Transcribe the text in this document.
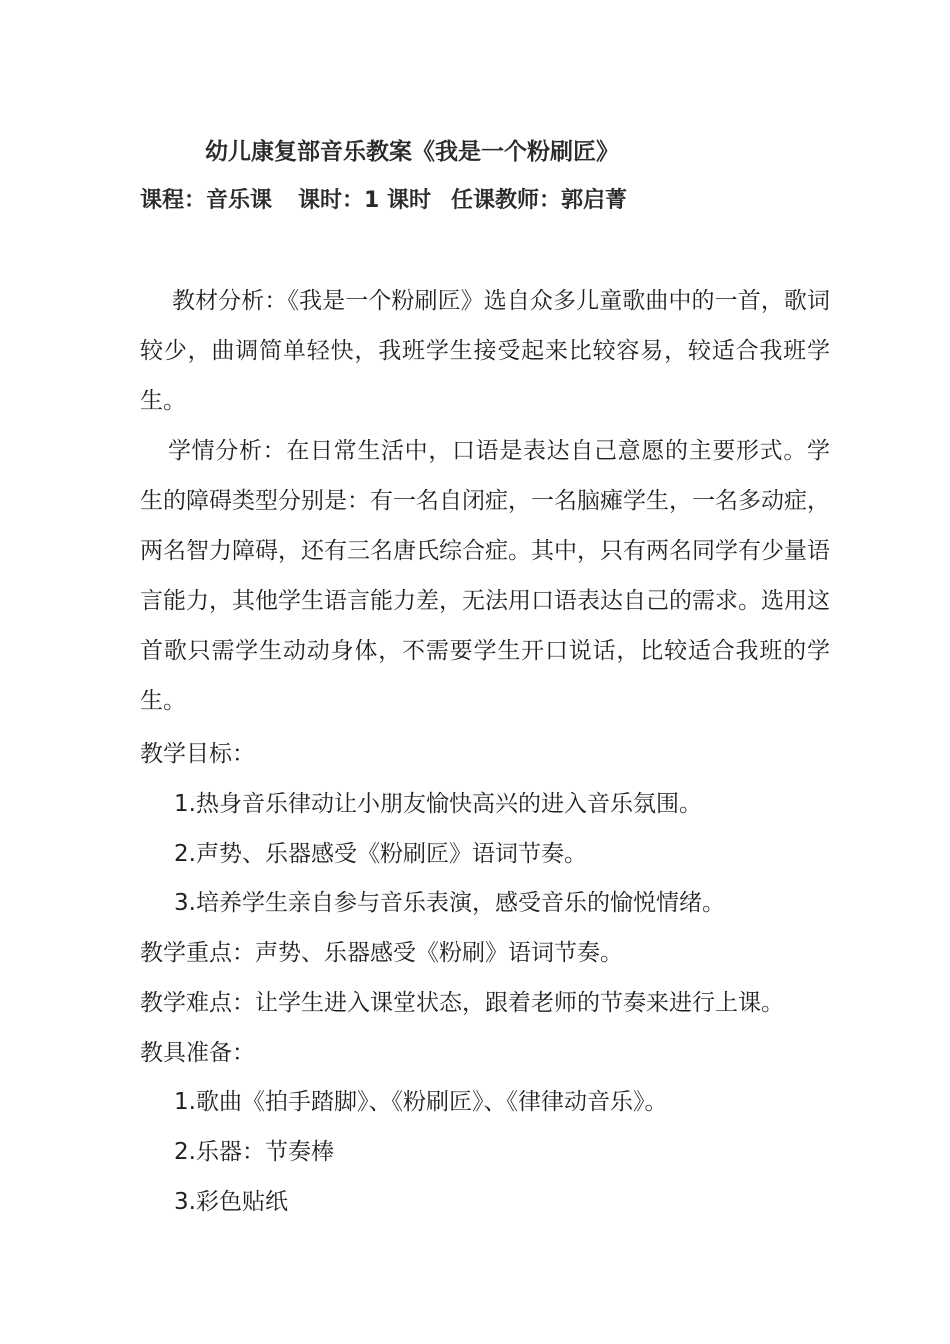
幼儿康复部音乐教案《我是一个粉刷匠》
课程：音乐课 课时：1 课时 任课教师：郭启菁

教材分析：《我是一个粉刷匠》选自众多儿童歌曲中的一首，歌词较少，曲调简单轻快，我班学生接受起来比较容易，较适合我班学生。

学情分析：在日常生活中，口语是表达自己意愿的主要形式。学生的障碍类型分别是：有一名自闭症，一名脑瘫学生，一名多动症，两名智力障碍，还有三名唐氏综合症。其中，只有两名同学有少量语言能力，其他学生语言能力差，无法用口语表达自己的需求。选用这首歌只需学生动动身体，不需要学生开口说话，比较适合我班的学生。

教学目标：
1.热身音乐律动让小朋友愉快高兴的进入音乐氛围。
2.声势、乐器感受《粉刷匠》语词节奏。
3.培养学生亲自参与音乐表演，感受音乐的愉悦情绪。
教学重点：声势、乐器感受《粉刷》语词节奏。
教学难点：让学生进入课堂状态，跟着老师的节奏来进行上课。
教具准备：
1.歌曲《拍手踏脚》、《粉刷匠》、《律律动音乐》。
2.乐器：节奏棒
3.彩色贴纸
